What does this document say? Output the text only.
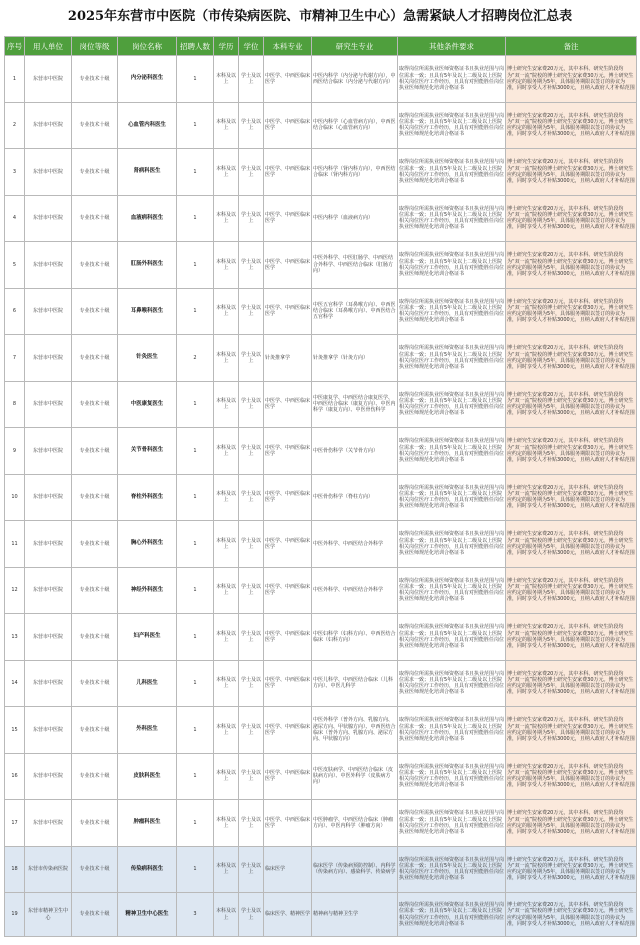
2025年东营市中医院（市传染病医院、市精神卫生中心）急需紧缺人才招聘岗位汇总表
序号	用人单位	岗位等级	岗位名称	招聘人数	学历	学位	本科专业	研究生专业	其他条件要求	备注
1	东营市中医院	专业技术十级	内分泌科医生	1	本科及以上	学士及以上	中医学、中西医临床医学	中医内科学（内分泌与代谢方向），中西医结合临床（内分泌与代谢方向）	取得岗位所需执业医师资格证书且执业范围与岗位需求一致；且具有5年及以上二级及以上医院相关岗位医疗工作经历，且具有对照能胜任岗位执业医师规范化培训合格证书	博士研究生安家费20万元，其中本科、研究生阶段均为“双一流”院校的博士研究生安家费30万元。博士研究生应约定的服务期为5年，具体服务期限以签订的协议为准，同时享受人才补贴3000元，且纳入政府人才补贴范围
2	东营市中医院	专业技术十级	心血管内科医生	1	本科及以上	学士及以上	中医学、中西医临床医学	中医内科学（心血管病方向），中西医结合临床（心血管病方向）	取得岗位所需执业医师资格证书且执业范围与岗位需求一致；且具有5年及以上二级及以上医院相关岗位医疗工作经历，且具有对照能胜任岗位执业医师规范化培训合格证书	博士研究生安家费20万元，其中本科、研究生阶段均为“双一流”院校的博士研究生安家费30万元。博士研究生应约定的服务期为5年，具体服务期限以签订的协议为准，同时享受人才补贴3000元，且纳入政府人才补贴范围
3	东营市中医院	专业技术十级	肾病科医生	1	本科及以上	学士及以上	中医学、中西医临床医学	中医内科学（肾内科方向），中西医结合临床（肾内科方向）	取得岗位所需执业医师资格证书且执业范围与岗位需求一致；且具有5年及以上二级及以上医院相关岗位医疗工作经历，且具有对照能胜任岗位执业医师规范化培训合格证书	博士研究生安家费20万元，其中本科、研究生阶段均为“双一流”院校的博士研究生安家费30万元。博士研究生应约定的服务期为5年，具体服务期限以签订的协议为准，同时享受人才补贴3000元，且纳入政府人才补贴范围
4	东营市中医院	专业技术十级	血液病科医生	1	本科及以上	学士及以上	中医学、中西医临床医学	中医内科学（血液病方向）	取得岗位所需执业医师资格证书且执业范围与岗位需求一致；且具有5年及以上二级及以上医院相关岗位医疗工作经历，且具有对照能胜任岗位执业医师规范化培训合格证书	博士研究生安家费20万元，其中本科、研究生阶段均为“双一流”院校的博士研究生安家费30万元。博士研究生应约定的服务期为5年，具体服务期限以签订的协议为准，同时享受人才补贴3000元，且纳入政府人才补贴范围
5	东营市中医院	专业技术十级	肛肠外科医生	1	本科及以上	学士及以上	中医学、中西医临床医学	中医外科学、中医肛肠学、中西医结合外科学、中西医结合临床（肛肠方向）	取得岗位所需执业医师资格证书且执业范围与岗位需求一致；且具有5年及以上二级及以上医院相关岗位医疗工作经历，且具有对照能胜任岗位执业医师规范化培训合格证书	博士研究生安家费20万元，其中本科、研究生阶段均为“双一流”院校的博士研究生安家费30万元。博士研究生应约定的服务期为5年，具体服务期限以签订的协议为准，同时享受人才补贴3000元，且纳入政府人才补贴范围
6	东营市中医院	专业技术十级	耳鼻喉科医生	1	本科及以上	学士及以上	中医学、中西医临床医学	中医五官科学（耳鼻喉方向）、中西医结合临床（耳鼻喉方向）、中西医结合五官科学	取得岗位所需执业医师资格证书且执业范围与岗位需求一致；且具有5年及以上二级及以上医院相关岗位医疗工作经历，且具有对照能胜任岗位执业医师规范化培训合格证书	博士研究生安家费20万元，其中本科、研究生阶段均为“双一流”院校的博士研究生安家费30万元。博士研究生应约定的服务期为5年，具体服务期限以签订的协议为准，同时享受人才补贴3000元，且纳入政府人才补贴范围
7	东营市中医院	专业技术十级	针灸医生	2	本科及以上	学士及以上	针灸推拿学	针灸推拿学（针灸方向）	取得岗位所需执业医师资格证书且执业范围与岗位需求一致；且具有5年及以上二级及以上医院相关岗位医疗工作经历，且具有对照能胜任岗位执业医师规范化培训合格证书	博士研究生安家费20万元，其中本科、研究生阶段均为“双一流”院校的博士研究生安家费30万元。博士研究生应约定的服务期为5年，具体服务期限以签订的协议为准，同时享受人才补贴3000元，且纳入政府人才补贴范围
8	东营市中医院	专业技术十级	中医康复医生	1	本科及以上	学士及以上	中医学、中西医临床医学	中医康复学、中西医结合康复医学、中西医结合临床（康复方向）、中医内科学（康复方向）、中医骨伤科学	取得岗位所需执业医师资格证书且执业范围与岗位需求一致；且具有5年及以上二级及以上医院相关岗位医疗工作经历，且具有对照能胜任岗位执业医师规范化培训合格证书	博士研究生安家费20万元，其中本科、研究生阶段均为“双一流”院校的博士研究生安家费30万元。博士研究生应约定的服务期为5年，具体服务期限以签订的协议为准，同时享受人才补贴3000元，且纳入政府人才补贴范围
9	东营市中医院	专业技术十级	关节骨科医生	1	本科及以上	学士及以上	中医学、中西医临床医学	中医骨伤科学（关节骨方向）	取得岗位所需执业医师资格证书且执业范围与岗位需求一致；且具有5年及以上二级及以上医院相关岗位医疗工作经历，且具有对照能胜任岗位执业医师规范化培训合格证书	博士研究生安家费20万元，其中本科、研究生阶段均为“双一流”院校的博士研究生安家费30万元。博士研究生应约定的服务期为5年，具体服务期限以签订的协议为准，同时享受人才补贴3000元，且纳入政府人才补贴范围
10	东营市中医院	专业技术十级	脊柱外科医生	1	本科及以上	学士及以上	中医学、中西医临床医学	中医骨伤科学（脊柱方向）	取得岗位所需执业医师资格证书且执业范围与岗位需求一致；且具有5年及以上二级及以上医院相关岗位医疗工作经历，且具有对照能胜任岗位执业医师规范化培训合格证书	博士研究生安家费20万元，其中本科、研究生阶段均为“双一流”院校的博士研究生安家费30万元。博士研究生应约定的服务期为5年，具体服务期限以签订的协议为准，同时享受人才补贴3000元，且纳入政府人才补贴范围
11	东营市中医院	专业技术十级	胸心外科医生	1	本科及以上	学士及以上	中医学、中西医临床医学	中医外科学、中西医结合外科学	取得岗位所需执业医师资格证书且执业范围与岗位需求一致；且具有5年及以上二级及以上医院相关岗位医疗工作经历，且具有对照能胜任岗位执业医师规范化培训合格证书	博士研究生安家费20万元，其中本科、研究生阶段均为“双一流”院校的博士研究生安家费30万元。博士研究生应约定的服务期为5年，具体服务期限以签订的协议为准，同时享受人才补贴3000元，且纳入政府人才补贴范围
12	东营市中医院	专业技术十级	神经外科医生	1	本科及以上	学士及以上	中医学、中西医临床医学	中医外科学、中西医结合外科学	取得岗位所需执业医师资格证书且执业范围与岗位需求一致；且具有5年及以上二级及以上医院相关岗位医疗工作经历，且具有对照能胜任岗位执业医师规范化培训合格证书	博士研究生安家费20万元，其中本科、研究生阶段均为“双一流”院校的博士研究生安家费30万元。博士研究生应约定的服务期为5年，具体服务期限以签订的协议为准，同时享受人才补贴3000元，且纳入政府人才补贴范围
13	东营市中医院	专业技术十级	妇产科医生	1	本科及以上	学士及以上	中医学、中西医临床医学	中医妇科学（妇科方向）、中西医结合临床（妇科方向）	取得岗位所需执业医师资格证书且执业范围与岗位需求一致；且具有5年及以上二级及以上医院相关岗位医疗工作经历，且具有对照能胜任岗位执业医师规范化培训合格证书	博士研究生安家费20万元，其中本科、研究生阶段均为“双一流”院校的博士研究生安家费30万元。博士研究生应约定的服务期为5年，具体服务期限以签订的协议为准，同时享受人才补贴3000元，且纳入政府人才补贴范围
14	东营市中医院	专业技术十级	儿科医生	1	本科及以上	学士及以上	中医学、中西医临床医学	中医儿科学、中西医结合临床（儿科方向）、中医儿科学	取得岗位所需执业医师资格证书且执业范围与岗位需求一致；且具有5年及以上二级及以上医院相关岗位医疗工作经历，且具有对照能胜任岗位执业医师规范化培训合格证书	博士研究生安家费20万元，其中本科、研究生阶段均为“双一流”院校的博士研究生安家费30万元。博士研究生应约定的服务期为5年，具体服务期限以签订的协议为准，同时享受人才补贴3000元，且纳入政府人才补贴范围
15	东营市中医院	专业技术十级	外科医生	1	本科及以上	学士及以上	中医学、中西医临床医学	中医外科学（普外方向、乳腺方向、泌尿方向、甲状腺方向）、中西医结合临床（普外方向、乳腺方向、泌尿方向、甲状腺方向）	取得岗位所需执业医师资格证书且执业范围与岗位需求一致；且具有5年及以上二级及以上医院相关岗位医疗工作经历，且具有对照能胜任岗位执业医师规范化培训合格证书	博士研究生安家费20万元，其中本科、研究生阶段均为“双一流”院校的博士研究生安家费30万元。博士研究生应约定的服务期为5年，具体服务期限以签订的协议为准，同时享受人才补贴3000元，且纳入政府人才补贴范围
16	东营市中医院	专业技术十级	皮肤科医生	1	本科及以上	学士及以上	中医学、中西医临床医学	中医皮肤病学、中西医结合临床（皮肤病方向）、中医外科学（皮肤病方向）	取得岗位所需执业医师资格证书且执业范围与岗位需求一致；且具有5年及以上二级及以上医院相关岗位医疗工作经历，且具有对照能胜任岗位执业医师规范化培训合格证书	博士研究生安家费20万元，其中本科、研究生阶段均为“双一流”院校的博士研究生安家费30万元。博士研究生应约定的服务期为5年，具体服务期限以签订的协议为准，同时享受人才补贴3000元，且纳入政府人才补贴范围
17	东营市中医院	专业技术十级	肿瘤科医生	1	本科及以上	学士及以上	中医学、中西医临床医学	中医肿瘤学、中西医结合临床（肿瘤方向）、中医内科学（肿瘤方向）	取得岗位所需执业医师资格证书且执业范围与岗位需求一致；且具有5年及以上二级及以上医院相关岗位医疗工作经历，且具有对照能胜任岗位执业医师规范化培训合格证书	博士研究生安家费20万元，其中本科、研究生阶段均为“双一流”院校的博士研究生安家费30万元。博士研究生应约定的服务期为5年，具体服务期限以签订的协议为准，同时享受人才补贴3000元，且纳入政府人才补贴范围
18	东营市传染病医院	专业技术十级	传染病科医生	1	本科及以上	学士及以上	临床医学	临床医学（传染病预防控制）、内科学（传染病方向）、感染科学、传染病学	取得岗位所需执业医师资格证书且执业范围与岗位需求一致；且具有5年及以上二级及以上医院相关岗位医疗工作经历，且具有对照能胜任岗位执业医师规范化培训合格证书	博士研究生安家费20万元，其中本科、研究生阶段均为“双一流”院校的博士研究生安家费30万元。博士研究生应约定的服务期为5年，具体服务期限以签订的协议为准，同时享受人才补贴3000元，且纳入政府人才补贴范围
19	东营市精神卫生中心	专业技术十级	精神卫生中心医生	3	本科及以上	学士及以上	临床医学、精神医学	精神病与精神卫生学	取得岗位所需执业医师资格证书且执业范围与岗位需求一致；且具有5年及以上二级及以上医院相关岗位医疗工作经历，且具有对照能胜任岗位执业医师规范化培训合格证书	博士研究生安家费20万元，其中本科、研究生阶段均为“双一流”院校的博士研究生安家费30万元。博士研究生应约定的服务期为5年，具体服务期限以签订的协议为准，同时享受人才补贴3000元，且纳入政府人才补贴范围
